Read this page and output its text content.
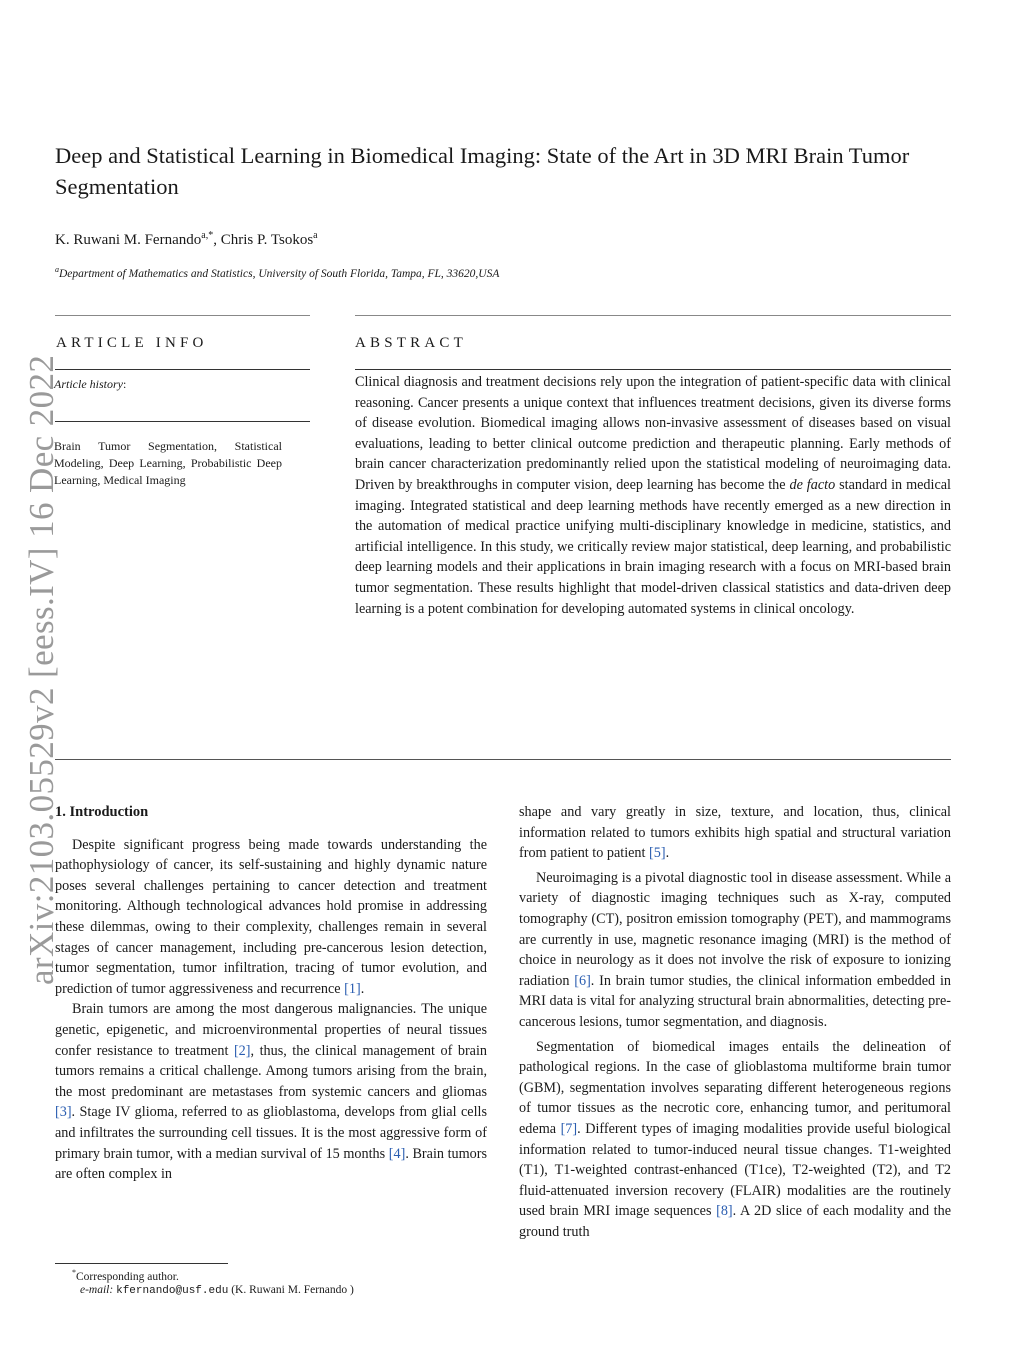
Deep and Statistical Learning in Biomedical Imaging: State of the Art in 3D MRI Brain Tumor Segmentation
K. Ruwani M. Fernando$^{a,*}$, Chris P. Tsokos$^a$
$^a$Department of Mathematics and Statistics, University of South Florida, Tampa, FL, 33620,USA
arXiv:2103.05529v2 [eess.IV] 16 Dec 2022
ARTICLE INFO	ABSTRACT
Article history:
Brain Tumor Segmentation, Statistical Modeling, Deep Learning, Probabilistic Deep Learning, Medical Imaging

Clinical diagnosis and treatment decisions rely upon the integration of patient-specific data with clinical reasoning. Cancer presents a unique context that influences treatment decisions, given its diverse forms of disease evolution. Biomedical imaging allows non-invasive assessment of diseases based on visual evaluations, leading to better clinical outcome prediction and therapeutic planning. Early methods of brain cancer characterization predominantly relied upon the statistical modeling of neuroimaging data. Driven by breakthroughs in computer vision, deep learning has become the de facto standard in medical imaging. Integrated statistical and deep learning methods have recently emerged as a new direction in the automation of medical practice unifying multi-disciplinary knowledge in medicine, statistics, and artificial intelligence. In this study, we critically review major statistical, deep learning, and probabilistic deep learning models and their applications in brain imaging research with a focus on MRI-based brain tumor segmentation. These results highlight that model-driven classical statistics and data-driven deep learning is a potent combination for developing automated systems in clinical oncology.

1. Introduction

Despite significant progress being made towards understanding the pathophysiology of cancer, its self-sustaining and highly dynamic nature poses several challenges pertaining to cancer detection and treatment monitoring. Although technological advances hold promise in addressing these dilemmas, owing to their complexity, challenges remain in several stages of cancer management, including pre-cancerous lesion detection, tumor segmentation, tumor infiltration, tracing of tumor evolution, and prediction of tumor aggressiveness and recurrence [1].

Brain tumors are among the most dangerous malignancies. The unique genetic, epigenetic, and microenvironmental properties of neural tissues confer resistance to treatment [2], thus, the clinical management of brain tumors remains a critical challenge. Among tumors arising from the brain, the most predominant are metastases from systemic cancers and gliomas [3]. Stage IV glioma, referred to as glioblastoma, develops from glial cells and infiltrates the surrounding cell tissues. It is the most aggressive form of primary brain tumor, with a median survival of 15 months [4]. Brain tumors are often complex in

shape and vary greatly in size, texture, and location, thus, clinical information related to tumors exhibits high spatial and structural variation from patient to patient [5].

Neuroimaging is a pivotal diagnostic tool in disease assessment. While a variety of diagnostic imaging techniques such as X-ray, computed tomography (CT), positron emission tomography (PET), and mammograms are currently in use, magnetic resonance imaging (MRI) is the method of choice in neurology as it does not involve the risk of exposure to ionizing radiation [6]. In brain tumor studies, the clinical information embedded in MRI data is vital for analyzing structural brain abnormalities, detecting pre-cancerous lesions, tumor segmentation, and diagnosis.

Segmentation of biomedical images entails the delineation of pathological regions. In the case of glioblastoma multiforme brain tumor (GBM), segmentation involves separating different heterogeneous regions of tumor tissues as the necrotic core, enhancing tumor, and peritumoral edema [7]. Different types of imaging modalities provide useful biological information related to tumor-induced neural tissue changes. T1-weighted (T1), T1-weighted contrast-enhanced (T1ce), T2-weighted (T2), and T2 fluid-attenuated inversion recovery (FLAIR) modalities are the routinely used brain MRI image sequences [8]. A 2D slice of each modality and the ground truth

*Corresponding author.
e-mail: kfernando@usf.edu (K. Ruwani M. Fernando )
